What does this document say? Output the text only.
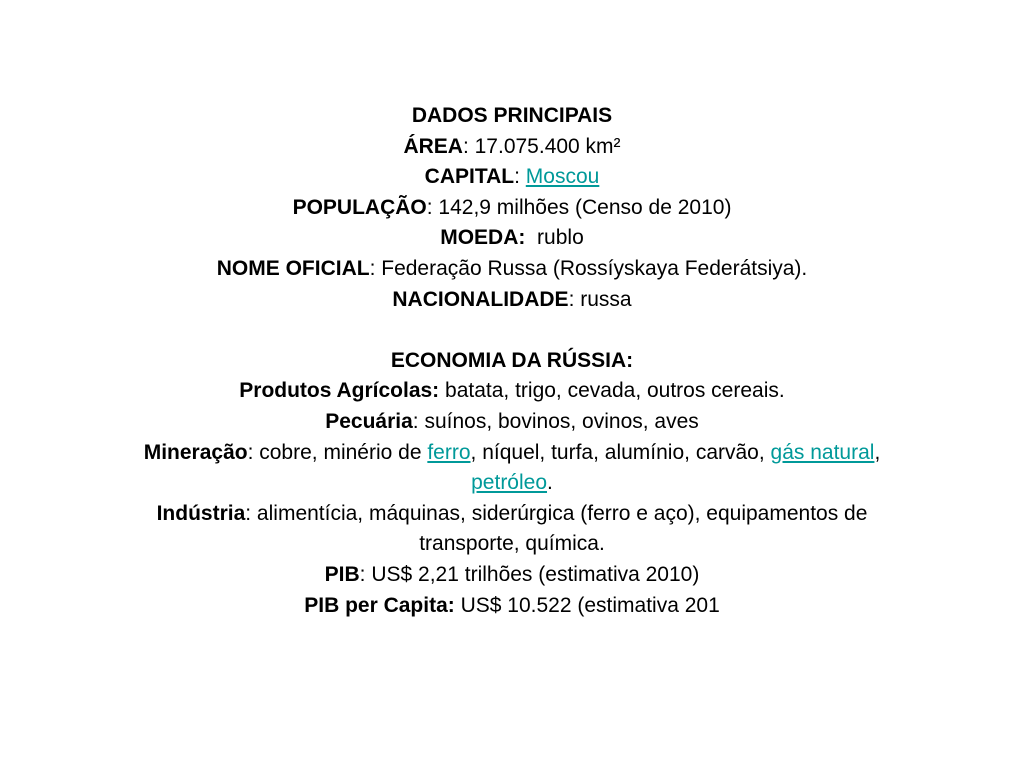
DADOS PRINCIPAIS
ÁREA: 17.075.400 km²
CAPITAL: Moscou
POPULAÇÃO: 142,9 milhões (Censo de 2010)
MOEDA:  rublo
NOME OFICIAL: Federação Russa (Rossíyskaya Federátsiya).
NACIONALIDADE: russa
ECONOMIA DA RÚSSIA:
Produtos Agrícolas: batata, trigo, cevada, outros cereais.
Pecuária: suínos, bovinos, ovinos, aves
Mineração: cobre, minério de ferro, níquel, turfa, alumínio, carvão, gás natural,
petróleo.
Indústria: alimentícia, máquinas, siderúrgica (ferro e aço), equipamentos de
transporte, química.
PIB: US$ 2,21 trilhões (estimativa 2010)
PIB per Capita: US$ 10.522 (estimativa 201
